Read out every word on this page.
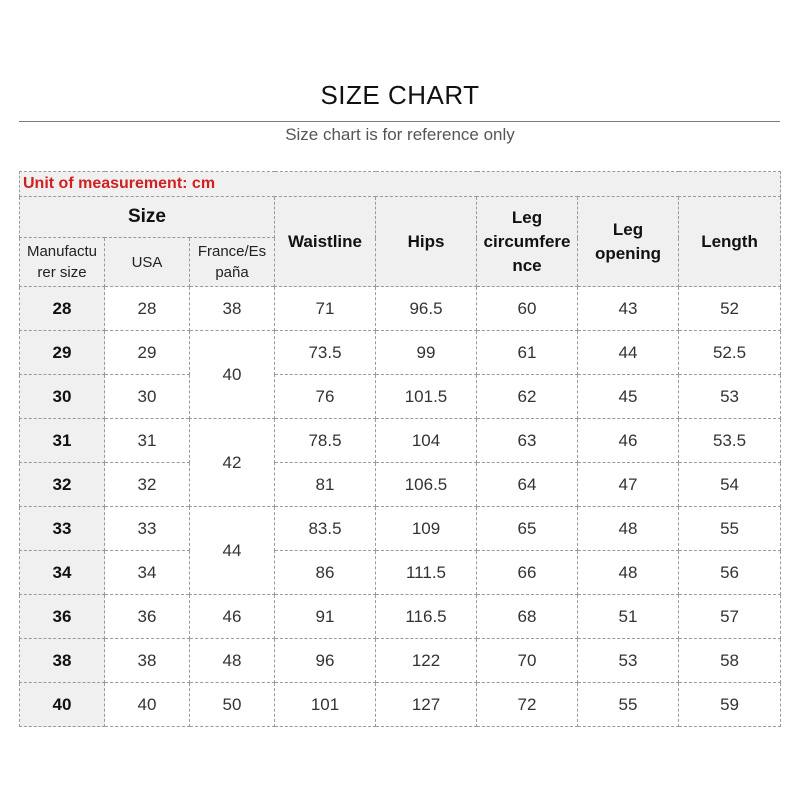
SIZE CHART
Size chart is for reference only
Unit of measurement: cm							
Size			Waistline	Hips	Leg circumfere nce	Leg opening	Length
Manufactu rer size	USA	France/Es paña					
28	28	38	71	96.5	60	43	52
29	29	40	73.5	99	61	44	52.5
30	30		76	101.5	62	45	53
31	31	42	78.5	104	63	46	53.5
32	32		81	106.5	64	47	54
33	33	44	83.5	109	65	48	55
34	34		86	111.5	66	48	56
36	36	46	91	116.5	68	51	57
38	38	48	96	122	70	53	58
40	40	50	101	127	72	55	59
